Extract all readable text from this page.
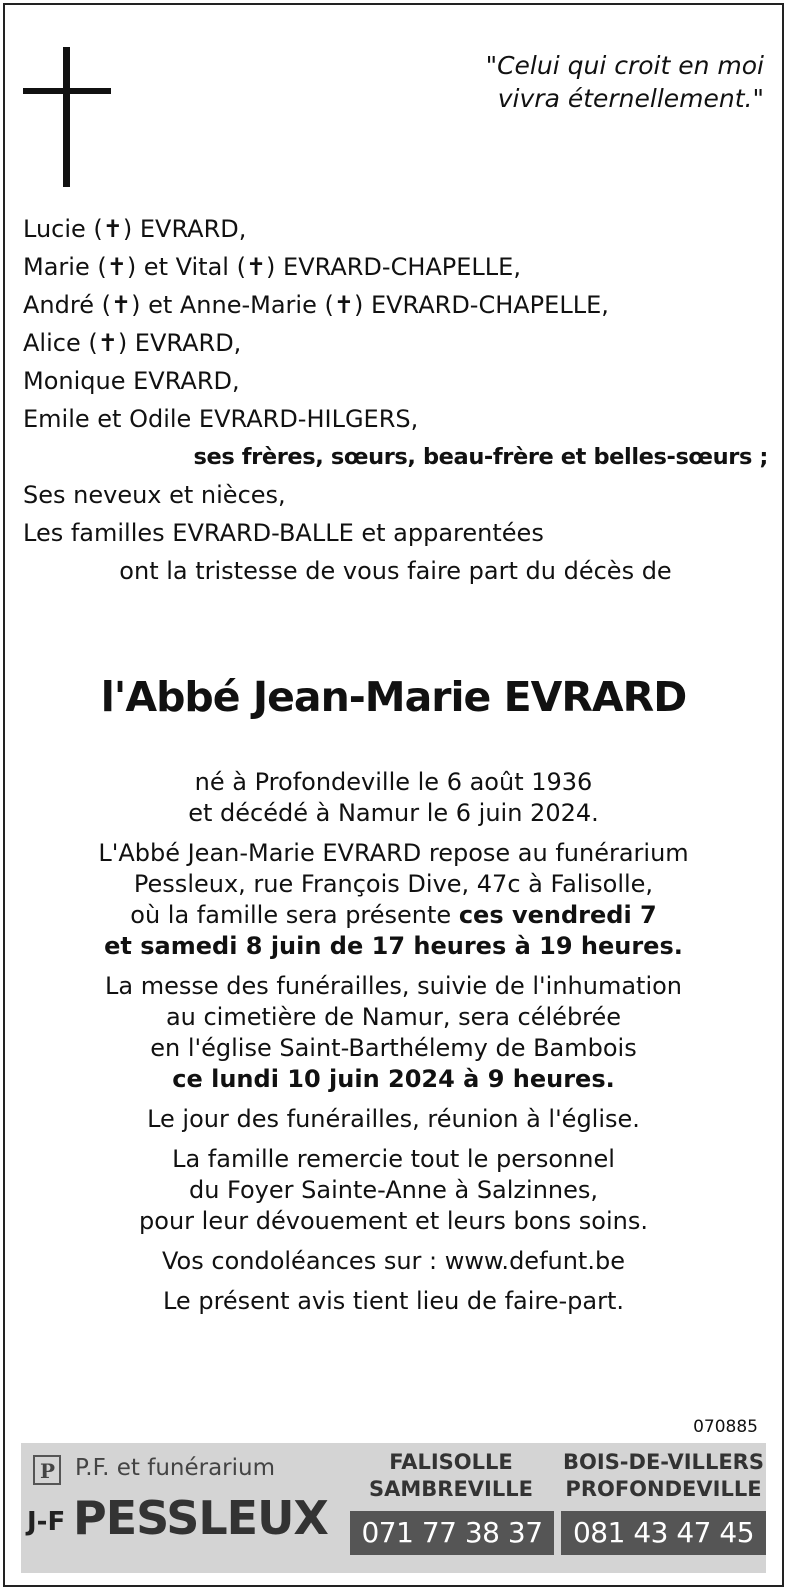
"Celui qui croit en moi
vivra éternellement."
Lucie (✝) EVRARD,
Marie (✝) et Vital (✝) EVRARD-CHAPELLE,
André (✝) et Anne-Marie (✝) EVRARD-CHAPELLE,
Alice (✝) EVRARD,
Monique EVRARD,
Emile et Odile EVRARD-HILGERS,
ses frères, sœurs, beau-frère et belles-sœurs ;
Ses neveux et nièces,
Les familles EVRARD-BALLE et apparentées
ont la tristesse de vous faire part du décès de
l'Abbé Jean-Marie EVRARD

né à Profondeville le 6 août 1936
et décédé à Namur le 6 juin 2024.

L'Abbé Jean-Marie EVRARD repose au funérarium
Pessleux, rue François Dive, 47c à Falisolle,
où la famille sera présente ces vendredi 7
et samedi 8 juin de 17 heures à 19 heures.

La messe des funérailles, suivie de l'inhumation
au cimetière de Namur, sera célébrée
en l'église Saint-Barthélemy de Bambois
ce lundi 10 juin 2024 à 9 heures.

Le jour des funérailles, réunion à l'église.

La famille remercie tout le personnel
du Foyer Sainte-Anne à Salzinnes,
pour leur dévouement et leurs bons soins.

Vos condoléances sur : www.defunt.be

Le présent avis tient lieu de faire-part.

070885
P P.F. et funérarium
J-F PESSLEUX
FALISOLLE
SAMBREVILLE
071 77 38 37
BOIS-DE-VILLERS
PROFONDEVILLE
081 43 47 45
